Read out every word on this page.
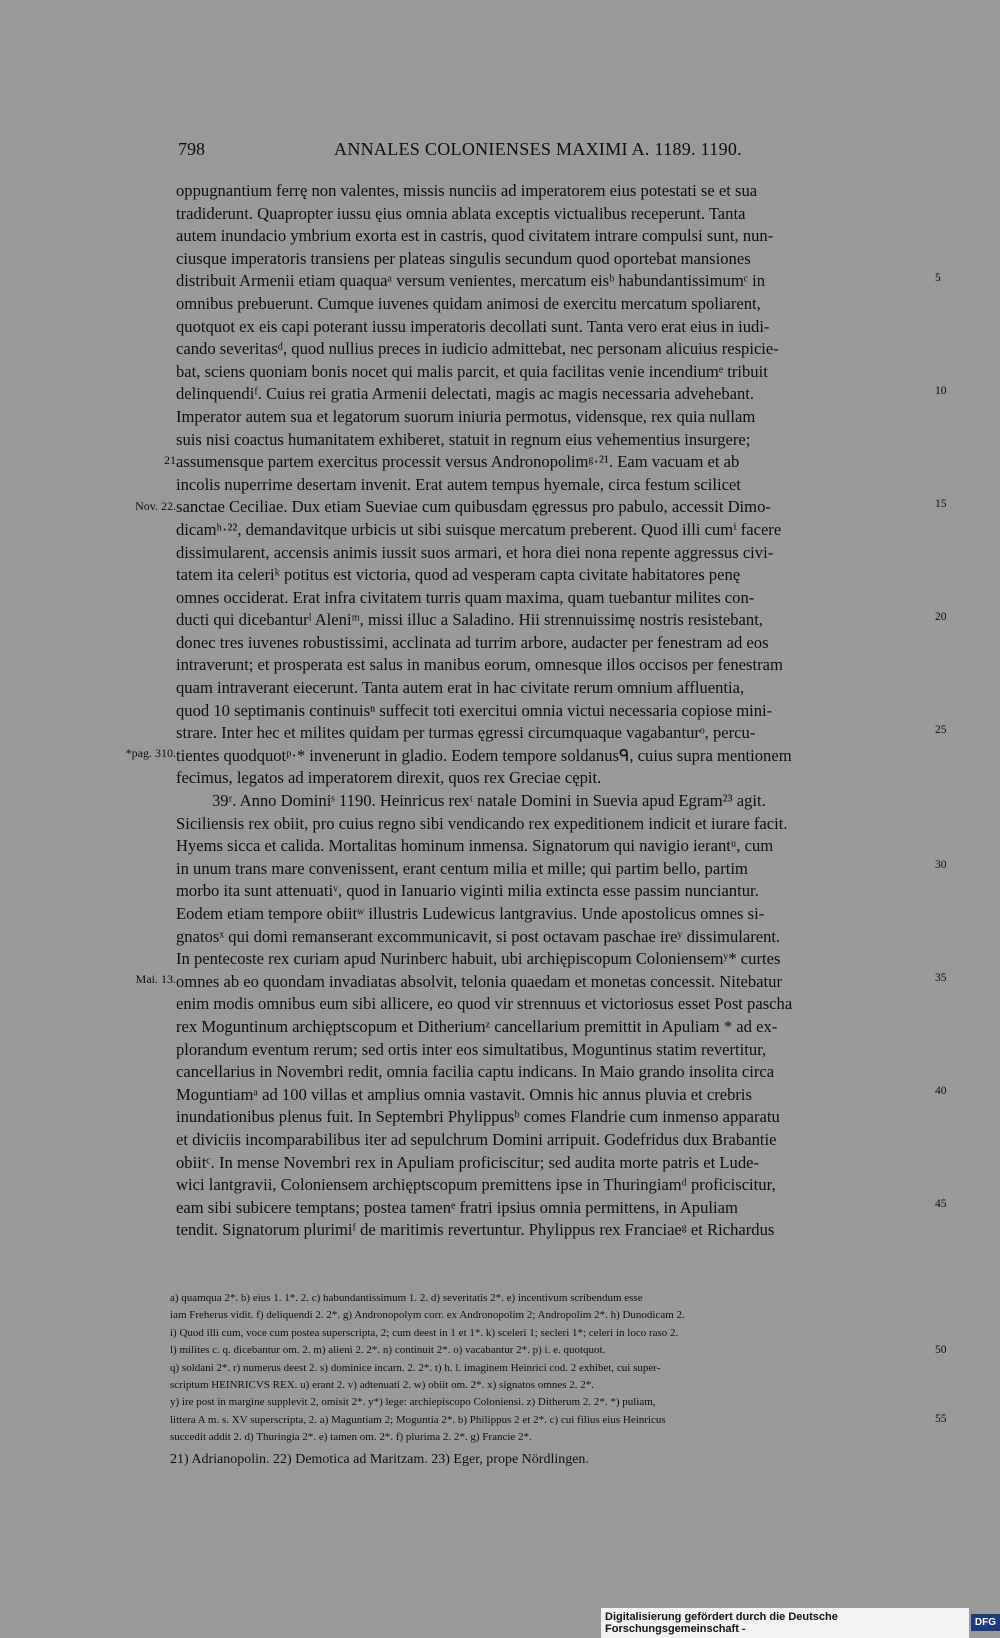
798	ANNALES COLONIENSES MAXIMI A. 1189. 1190.
oppugnantium ferrę non valentes, missis nunciis ad imperatorem eius potestati se et sua
tradiderunt. Quapropter iussu ęius omnia ablata exceptis victualibus receperunt. Tanta
autem inundacio ymbrium exorta est in castris, quod civitatem intrare compulsi sunt, nun-
ciusque imperatoris transiens per plateas singulis secundum quod oportebat mansiones
distribuit Armenii etiam quaquaᵃ versum venientes, mercatum eisᵇ habundantissimumᶜ in
omnibus prebuerunt. Cumque iuvenes quidam animosi de exercitu mercatum spoliarent,
quotquot ex eis capi poterant iussu imperatoris decollati sunt. Tanta vero erat eius in iudi-
cando severitasᵈ, quod nullius preces in iudicio admittebat, nec personam alicuius respicie-
bat, sciens quoniam bonis nocet qui malis parcit, et quia facilitas venie incendiumᵉ tribuit
delinquendiᶠ. Cuius rei gratia Armenii delectati, magis ac magis necessaria advehebant.
Imperator autem sua et legatorum suorum iniuria permotus, vidensque, rex quia nullam
suis nisi coactus humanitatem exhiberet, statuit in regnum eius vehementius insurgere;
assumensque partem exercitus processit versus Andronopolimᵍ·²¹. Eam vacuam et ab
incolis nuperrime desertam invenit. Erat autem tempus hyemale, circa festum scilicet
sanctae Ceciliae. Dux etiam Sueviae cum quibusdam ęgressus pro pabulo, accessit Dimo-
dicamʰ·²², demandavitque urbicis ut sibi suisque mercatum preberent. Quod illi cumⁱ facere
dissimularent, accensis animis iussit suos armari, et hora diei nona repente aggressus civi-
tatem ita celeriᵏ potitus est victoria, quod ad vesperam capta civitate habitatores penę
omnes occiderat. Erat infra civitatem turris quam maxima, quam tuebantur milites con-
ducti qui dicebanturˡ Aleniᵐ, missi illuc a Saladino. Hii strennuissimę nostris resistebant,
donec tres iuvenes robustissimi, acclinata ad turrim arbore, audacter per fenestram ad eos
intraverunt; et prosperata est salus in manibus eorum, omnesque illos occisos per fenestram
quam intraverant eiecerunt. Tanta autem erat in hac civitate rerum omnium affluentia,
quod 10 septimanis continuisⁿ suffecit toti exercitui omnia victui necessaria copiose mini-
strare. Inter hec et milites quidam per turmas ęgressi circumquaque vagabanturᵒ, percu-
tientes quodquotᵖ·* invenerunt in gladio. Eodem tempore soldanusᑫ, cuius supra mentionem
fecimus, legatos ad imperatorem direxit, quos rex Greciae cępit.
39ʳ. Anno Dominiˢ 1190. Heinricus rexᵗ natale Domini in Suevia apud Egram²³ agit.
Siciliensis rex obiit, pro cuius regno sibi vendicando rex expeditionem indicit et iurare facit.
Hyems sicca et calida. Mortalitas hominum inmensa. Signatorum qui navigio ierantᵘ, cum
in unum trans mare convenissent, erant centum milia et mille; qui partim bello, partim
morbo ita sunt attenuatiᵛ, quod in Ianuario viginti milia extincta esse passim nunciantur.
Eodem etiam tempore obiitʷ illustris Ludewicus lantgravius. Unde apostolicus omnes si-
gnatosˣ qui domi remanserant excommunicavit, si post octavam paschae ireʸ dissimularent.
In pentecoste rex curiam apud Nurinberc habuit, ubi archiępiscopum Coloniensemʸ* curtes
omnes ab eo quondam invadiatas absolvit, telonia quaedam et monetas concessit. Nitebatur
enim modis omnibus eum sibi allicere, eo quod vir strennuus et victoriosus esset Post pascha
rex Moguntinum archięptscopum et Ditheriumᶻ cancellarium premittit in Apuliam * ad ex-
plorandum eventum rerum; sed ortis inter eos simultatibus, Moguntinus statim revertitur,
cancellarius in Novembri redit, omnia facilia captu indicans. In Maio grando insolita circa
Moguntiamᵃ ad 100 villas et amplius omnia vastavit. Omnis hic annus pluvia et crebris
inundationibus plenus fuit. In Septembri Phylippusᵇ comes Flandrie cum inmenso apparatu
et diviciis incomparabilibus iter ad sepulchrum Domini arripuit. Godefridus dux Brabantie
obiitᶜ. In mense Novembri rex in Apuliam proficiscitur; sed audita morte patris et Lude-
wici lantgravii, Coloniensem archięptscopum premittens ipse in Thuringiamᵈ proficiscitur,
eam sibi subicere temptans; postea tamenᵉ fratri ipsius omnia permittens, in Apuliam
tendit. Signatorum plurimiᶠ de maritimis revertuntur. Phylippus rex Franciaeᵍ et Richardus
5
10
15
20
25
30
35
40
45
21
Nov. 22.
*pag. 310.
Mai. 13.
a) quamqua 2*. b) eius 1. 1*. 2. c) habundantissimum 1. 2. d) severitatis 2*. e) incentivum scribendum esse
iam Freherus vidit. f) deliquendi 2. 2*. g) Andronopolym corr. ex Andronopolim 2; Andropolim 2*. h) Dunodicam 2.
i) Quod illi cum, voce cum postea superscripta, 2; cum deest in 1 et 1*. k) sceleri 1; secleri 1*; celeri in loco raso 2.
l) milites c. q. dicebantur om. 2. m) alieni 2. 2*. n) continuit 2*. o) vacabantur 2*. p) i. e. quotquot.
q) soldani 2*. r) numerus deest 2. s) dominice incarn. 2. 2*. t) h. l. imaginem Heinrici cod. 2 exhibet, cui super-
scriptum HEINRICVS REX. u) erant 2. v) adtenuati 2. w) obiit om. 2*. x) signatos omnes 2. 2*.
y) ire post in margine supplevit 2, omisit 2*. y*) lege: archiepiscopo Coloniensi. z) Ditherum 2. 2*. *) puliam,
littera A m. s. XV superscripta, 2. a) Maguntiam 2; Moguntia 2*. b) Philippus 2 et 2*. c) cui filius eius Heinricus
succedit addit 2. d) Thuringia 2*. e) tamen om. 2*. f) plurima 2. 2*. g) Francie 2*.
50
55
21) Adrianopolin. 22) Demotica ad Maritzam. 23) Eger, prope Nördlingen.
Digitalisierung gefördert durch die Deutsche Forschungsgemeinschaft -	DFG
